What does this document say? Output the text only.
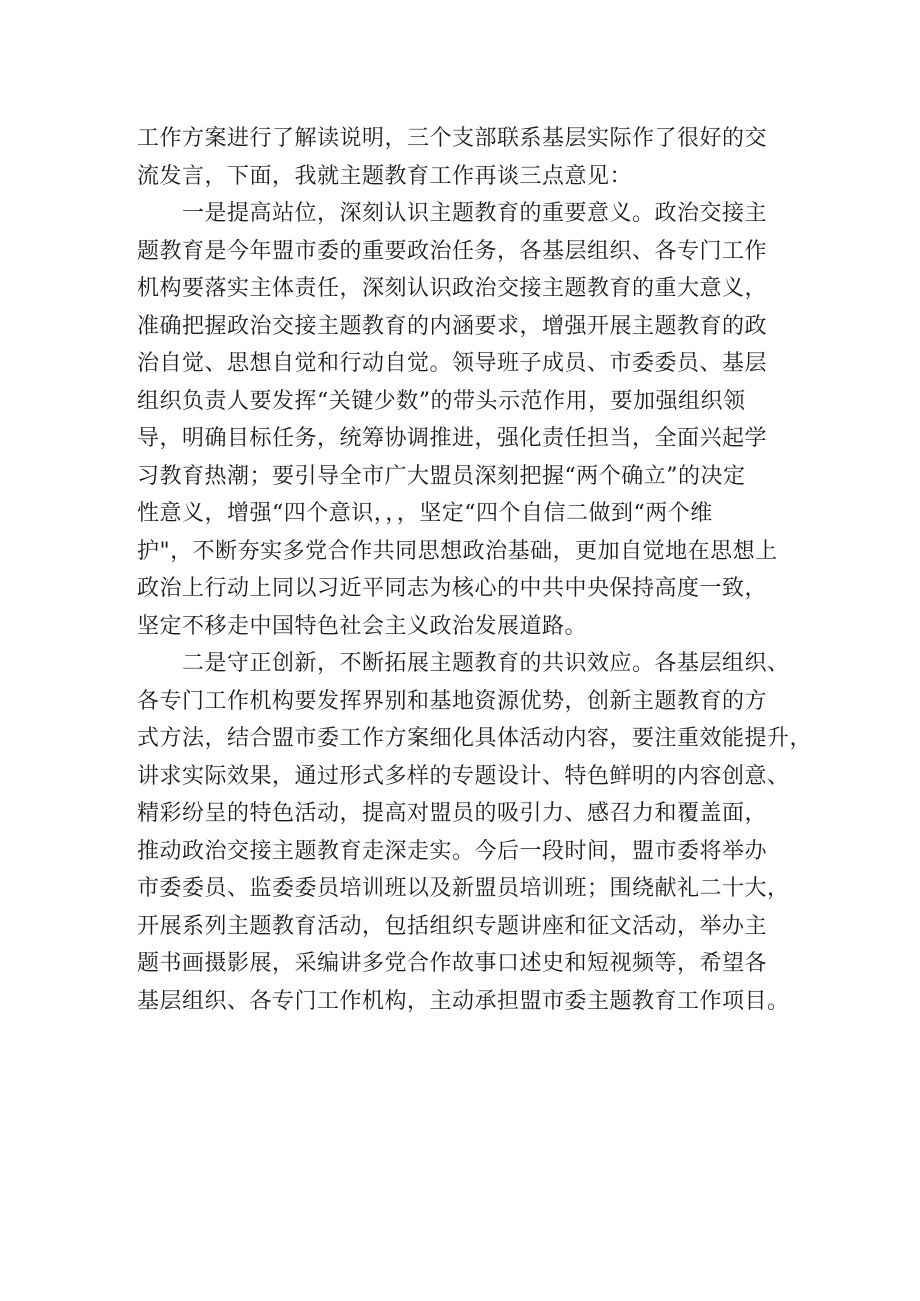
工作方案进行了解读说明，三个支部联系基层实际作了很好的交
流发言，下面，我就主题教育工作再谈三点意见：
　　一是提高站位，深刻认识主题教育的重要意义。政治交接主
题教育是今年盟市委的重要政治任务，各基层组织、各专门工作
机构要落实主体责任，深刻认识政治交接主题教育的重大意义，
准确把握政治交接主题教育的内涵要求，增强开展主题教育的政
治自觉、思想自觉和行动自觉。领导班子成员、市委委员、基层
组织负责人要发挥“关键少数”的带头示范作用，要加强组织领
导，明确目标任务，统筹协调推进，强化责任担当，全面兴起学
习教育热潮；要引导全市广大盟员深刻把握“两个确立”的决定
性意义，增强“四个意识，，，坚定“四个自信二做到“两个维
护"，不断夯实多党合作共同思想政治基础，更加自觉地在思想上
政治上行动上同以习近平同志为核心的中共中央保持高度一致，
坚定不移走中国特色社会主义政治发展道路。
　　二是守正创新，不断拓展主题教育的共识效应。各基层组织、
各专门工作机构要发挥界别和基地资源优势，创新主题教育的方
式方法，结合盟市委工作方案细化具体活动内容，要注重效能提升，
讲求实际效果，通过形式多样的专题设计、特色鲜明的内容创意、
精彩纷呈的特色活动，提高对盟员的吸引力、感召力和覆盖面，
推动政治交接主题教育走深走实。今后一段时间，盟市委将举办
市委委员、监委委员培训班以及新盟员培训班；围绕献礼二十大，
开展系列主题教育活动，包括组织专题讲座和征文活动，举办主
题书画摄影展，采编讲多党合作故事口述史和短视频等，希望各
基层组织、各专门工作机构，主动承担盟市委主题教育工作项目。
